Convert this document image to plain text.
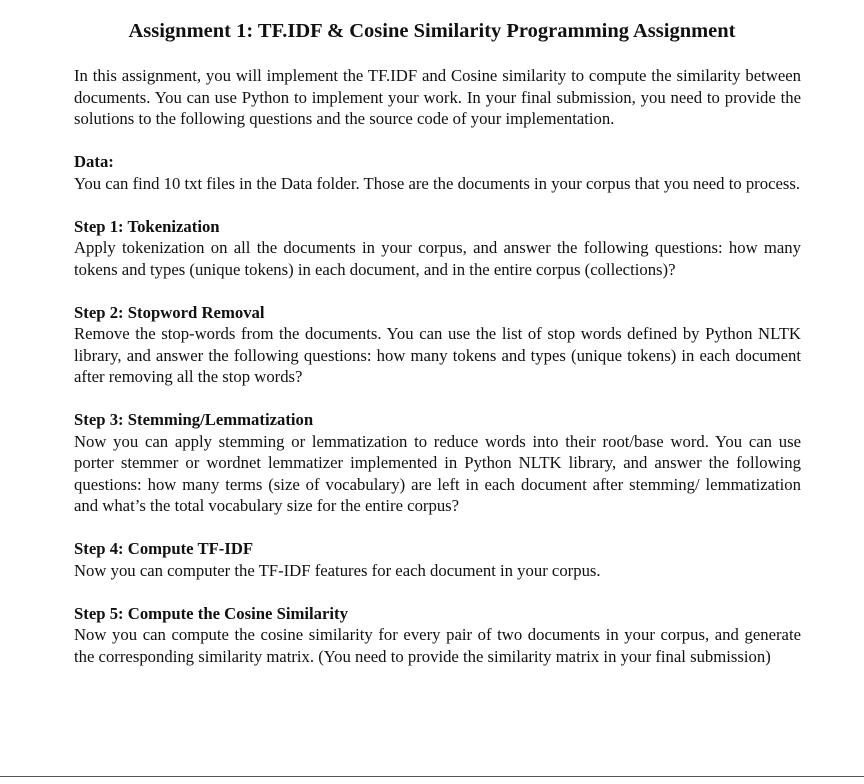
Assignment 1: TF.IDF & Cosine Similarity Programming Assignment

In this assignment, you will implement the TF.IDF and Cosine similarity to compute the similarity between documents. You can use Python to implement your work. In your final submission, you need to provide the solutions to the following questions and the source code of your implementation.

Data:

You can find 10 txt files in the Data folder. Those are the documents in your corpus that you need to process.

Step 1: Tokenization

Apply tokenization on all the documents in your corpus, and answer the following questions: how many tokens and types (unique tokens) in each document, and in the entire corpus (collections)?

Step 2: Stopword Removal

Remove the stop-words from the documents. You can use the list of stop words defined by Python NLTK library, and answer the following questions: how many tokens and types (unique tokens) in each document after removing all the stop words?

Step 3: Stemming/Lemmatization

Now you can apply stemming or lemmatization to reduce words into their root/base word. You can use porter stemmer or wordnet lemmatizer implemented in Python NLTK library, and answer the following questions: how many terms (size of vocabulary) are left in each document after stemming/ lemmatization and what’s the total vocabulary size for the entire corpus?

Step 4: Compute TF-IDF

Now you can computer the TF-IDF features for each document in your corpus.

Step 5: Compute the Cosine Similarity

Now you can compute the cosine similarity for every pair of two documents in your corpus, and generate the corresponding similarity matrix. (You need to provide the similarity matrix in your final submission)
